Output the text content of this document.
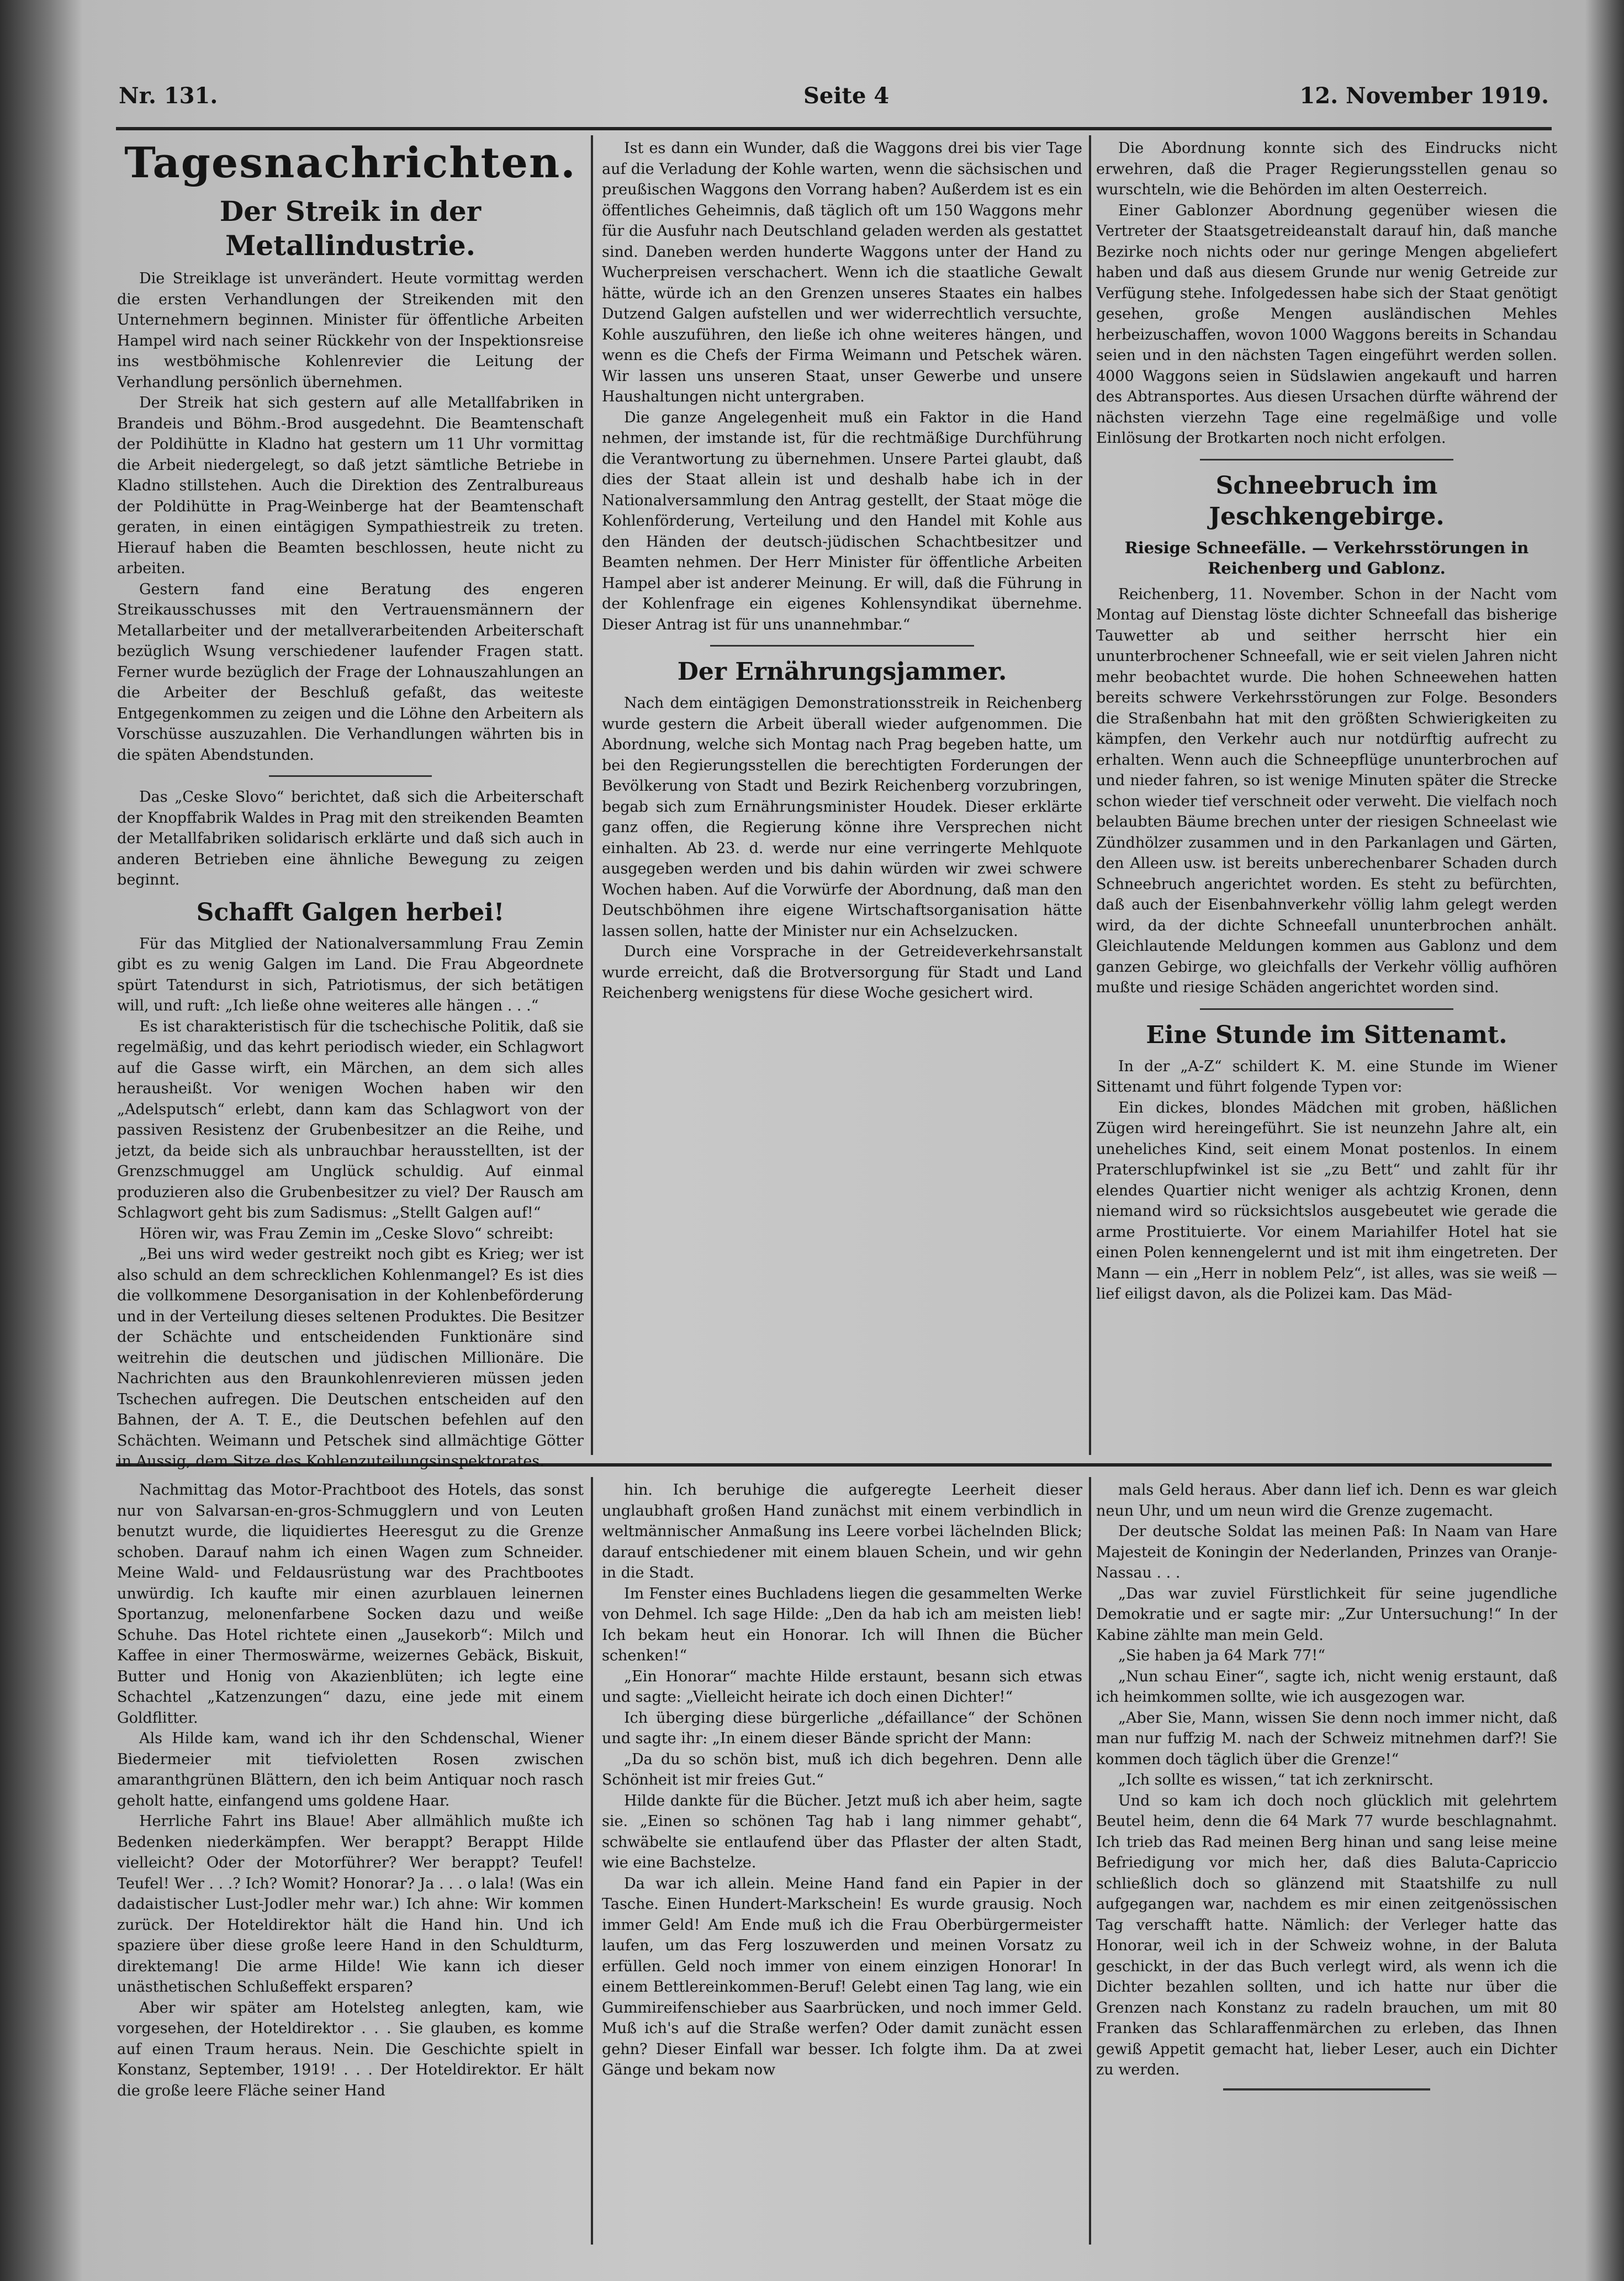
Nr. 131.	Seite 4	12. November 1919.
Tagesnachrichten.
Der Streik in der Metallindustrie.

Die Streiklage ist unverändert. Heute vormittag werden die ersten Verhandlungen der Streikenden mit den Unternehmern beginnen. Minister für öffentliche Arbeiten Hampel wird nach seiner Rückkehr von der Inspektionsreise ins westböhmische Kohlenrevier die Leitung der Verhandlung persönlich übernehmen.

Der Streik hat sich gestern auf alle Metallfabriken in Brandeis und Böhm.-Brod ausgedehnt. Die Beamtenschaft der Poldihütte in Kladno hat gestern um 11 Uhr vormittag die Arbeit niedergelegt, so daß jetzt sämtliche Betriebe in Kladno stillstehen. Auch die Direktion des Zentralbureaus der Poldihütte in Prag-Weinberge hat der Beamtenschaft geraten, in einen eintägigen Sympathiestreik zu treten. Hierauf haben die Beamten beschlossen, heute nicht zu arbeiten.

Gestern fand eine Beratung des engeren Streikausschusses mit den Vertrauensmännern der Metallarbeiter und der metallverarbeitenden Arbeiterschaft bezüglich Wsung verschiedener laufender Fragen statt. Ferner wurde bezüglich der Frage der Lohnauszahlungen an die Arbeiter der Beschluß gefaßt, das weiteste Entgegenkommen zu zeigen und die Löhne den Arbeitern als Vorschüsse auszuzahlen. Die Verhandlungen währten bis in die späten Abendstunden.

Das „Ceske Slovo“ berichtet, daß sich die Arbeiterschaft der Knopffabrik Waldes in Prag mit den streikenden Beamten der Metallfabriken solidarisch erklärte und daß sich auch in anderen Betrieben eine ähnliche Bewegung zu zeigen beginnt.

Schafft Galgen herbei!

Für das Mitglied der Nationalversammlung Frau Zemin gibt es zu wenig Galgen im Land. Die Frau Abgeordnete spürt Tatendurst in sich, Patriotismus, der sich betätigen will, und ruft: „Ich ließe ohne weiteres alle hängen . . .“

Es ist charakteristisch für die tschechische Politik, daß sie regelmäßig, und das kehrt periodisch wieder, ein Schlagwort auf die Gasse wirft, ein Märchen, an dem sich alles herausheißt. Vor wenigen Wochen haben wir den „Adelsputsch“ erlebt, dann kam das Schlagwort von der passiven Resistenz der Grubenbesitzer an die Reihe, und jetzt, da beide sich als unbrauchbar herausstellten, ist der Grenzschmuggel am Unglück schuldig. Auf einmal produzieren also die Grubenbesitzer zu viel? Der Rausch am Schlagwort geht bis zum Sadismus: „Stellt Galgen auf!“

Hören wir, was Frau Zemin im „Ceske Slovo“ schreibt:

„Bei uns wird weder gestreikt noch gibt es Krieg; wer ist also schuld an dem schrecklichen Kohlenmangel? Es ist dies die vollkommene Desorganisation in der Kohlenbeförderung und in der Verteilung dieses seltenen Produktes. Die Besitzer der Schächte und entscheidenden Funktionäre sind weitrehin die deutschen und jüdischen Millionäre. Die Nachrichten aus den Braunkohlenrevieren müssen jeden Tschechen aufregen. Die Deutschen entscheiden auf den Bahnen, der A. T. E., die Deutschen befehlen auf den Schächten. Weimann und Petschek sind allmächtige Götter in Aussig, dem Sitze des Kohlenzuteilungsinspektorates.

Ist es dann ein Wunder, daß die Waggons drei bis vier Tage auf die Verladung der Kohle warten, wenn die sächsischen und preußischen Waggons den Vorrang haben? Außerdem ist es ein öffentliches Geheimnis, daß täglich oft um 150 Waggons mehr für die Ausfuhr nach Deutschland geladen werden als gestattet sind. Daneben werden hunderte Waggons unter der Hand zu Wucherpreisen verschachert. Wenn ich die staatliche Gewalt hätte, würde ich an den Grenzen unseres Staates ein halbes Dutzend Galgen aufstellen und wer widerrechtlich versuchte, Kohle auszuführen, den ließe ich ohne weiteres hängen, und wenn es die Chefs der Firma Weimann und Petschek wären. Wir lassen uns unseren Staat, unser Gewerbe und unsere Haushaltungen nicht untergraben.

Die ganze Angelegenheit muß ein Faktor in die Hand nehmen, der imstande ist, für die rechtmäßige Durchführung die Verantwortung zu übernehmen. Unsere Partei glaubt, daß dies der Staat allein ist und deshalb habe ich in der Nationalversammlung den Antrag gestellt, der Staat möge die Kohlenförderung, Verteilung und den Handel mit Kohle aus den Händen der deutsch-jüdischen Schachtbesitzer und Beamten nehmen. Der Herr Minister für öffentliche Arbeiten Hampel aber ist anderer Meinung. Er will, daß die Führung in der Kohlenfrage ein eigenes Kohlensyndikat übernehme. Dieser Antrag ist für uns unannehmbar.“

Der Ernährungsjammer.

Nach dem eintägigen Demonstrationsstreik in Reichenberg wurde gestern die Arbeit überall wieder aufgenommen. Die Abordnung, welche sich Montag nach Prag begeben hatte, um bei den Regierungsstellen die berechtigten Forderungen der Bevölkerung von Stadt und Bezirk Reichenberg vorzubringen, begab sich zum Ernährungsminister Houdek. Dieser erklärte ganz offen, die Regierung könne ihre Versprechen nicht einhalten. Ab 23. d. werde nur eine verringerte Mehlquote ausgegeben werden und bis dahin würden wir zwei schwere Wochen haben. Auf die Vorwürfe der Abordnung, daß man den Deutschböhmen ihre eigene Wirtschaftsorganisation hätte lassen sollen, hatte der Minister nur ein Achselzucken.

Durch eine Vorsprache in der Getreideverkehrsanstalt wurde erreicht, daß die Brotversorgung für Stadt und Land Reichenberg wenigstens für diese Woche gesichert wird.

Die Abordnung konnte sich des Eindrucks nicht erwehren, daß die Prager Regierungsstellen genau so wurschteln, wie die Behörden im alten Oesterreich.

Einer Gablonzer Abordnung gegenüber wiesen die Vertreter der Staatsgetreideanstalt darauf hin, daß manche Bezirke noch nichts oder nur geringe Mengen abgeliefert haben und daß aus diesem Grunde nur wenig Getreide zur Verfügung stehe. Infolgedessen habe sich der Staat genötigt gesehen, große Mengen ausländischen Mehles herbeizuschaffen, wovon 1000 Waggons bereits in Schandau seien und in den nächsten Tagen eingeführt werden sollen. 4000 Waggons seien in Südslawien angekauft und harren des Abtransportes. Aus diesen Ursachen dürfte während der nächsten vierzehn Tage eine regelmäßige und volle Einlösung der Brotkarten noch nicht erfolgen.

Schneebruch im Jeschkengebirge.
Riesige Schneefälle. — Verkehrsstörungen in Reichenberg und Gablonz.

Reichenberg, 11. November. Schon in der Nacht vom Montag auf Dienstag löste dichter Schneefall das bisherige Tauwetter ab und seither herrscht hier ein ununterbrochener Schneefall, wie er seit vielen Jahren nicht mehr beobachtet wurde. Die hohen Schneewehen hatten bereits schwere Verkehrsstörungen zur Folge. Besonders die Straßenbahn hat mit den größten Schwierigkeiten zu kämpfen, den Verkehr auch nur notdürftig aufrecht zu erhalten. Wenn auch die Schneepflüge ununterbrochen auf und nieder fahren, so ist wenige Minuten später die Strecke schon wieder tief verschneit oder verweht. Die vielfach noch belaubten Bäume brechen unter der riesigen Schneelast wie Zündhölzer zusammen und in den Parkanlagen und Gärten, den Alleen usw. ist bereits unberechenbarer Schaden durch Schneebruch angerichtet worden. Es steht zu befürchten, daß auch der Eisenbahnverkehr völlig lahm gelegt werden wird, da der dichte Schneefall ununterbrochen anhält. Gleichlautende Meldungen kommen aus Gablonz und dem ganzen Gebirge, wo gleichfalls der Verkehr völlig aufhören mußte und riesige Schäden angerichtet worden sind.

Eine Stunde im Sittenamt.

In der „A-Z“ schildert K. M. eine Stunde im Wiener Sittenamt und führt folgende Typen vor:

Ein dickes, blondes Mädchen mit groben, häßlichen Zügen wird hereingeführt. Sie ist neunzehn Jahre alt, ein uneheliches Kind, seit einem Monat postenlos. In einem Praterschlupfwinkel ist sie „zu Bett“ und zahlt für ihr elendes Quartier nicht weniger als achtzig Kronen, denn niemand wird so rücksichtslos ausgebeutet wie gerade die arme Prostituierte. Vor einem Mariahilfer Hotel hat sie einen Polen kennengelernt und ist mit ihm eingetreten. Der Mann — ein „Herr in noblem Pelz“, ist alles, was sie weiß — lief eiligst davon, als die Polizei kam. Das Mäd-

Nachmittag das Motor-Prachtboot des Hotels, das sonst nur von Salvarsan-en-gros-Schmugglern und von Leuten benutzt wurde, die liquidiertes Heeresgut zu die Grenze schoben. Darauf nahm ich einen Wagen zum Schneider. Meine Wald- und Feldausrüstung war des Prachtbootes unwürdig. Ich kaufte mir einen azurblauen leinernen Sportanzug, melonenfarbene Socken dazu und weiße Schuhe. Das Hotel richtete einen „Jausekorb“: Milch und Kaffee in einer Thermoswärme, weizernes Gebäck, Biskuit, Butter und Honig von Akazienblüten; ich legte eine Schachtel „Katzenzungen“ dazu, eine jede mit einem Goldflitter.

Als Hilde kam, wand ich ihr den Schdenschal, Wiener Biedermeier mit tiefvioletten Rosen zwischen amaranthgrünen Blättern, den ich beim Antiquar noch rasch geholt hatte, einfangend ums goldene Haar.

Herrliche Fahrt ins Blaue! Aber allmählich mußte ich Bedenken niederkämpfen. Wer berappt? Berappt Hilde vielleicht? Oder der Motorführer? Wer berappt? Teufel! Teufel! Wer . . .? Ich? Womit? Honorar? Ja . . . o lala! (Was ein dadaistischer Lust-Jodler mehr war.) Ich ahne: Wir kommen zurück. Der Hoteldirektor hält die Hand hin. Und ich spaziere über diese große leere Hand in den Schuldturm, direktemang! Die arme Hilde! Wie kann ich dieser unästhetischen Schlußeffekt ersparen?

Aber wir später am Hotelsteg anlegten, kam, wie vorgesehen, der Hoteldirektor . . . Sie glauben, es komme auf einen Traum heraus. Nein. Die Geschichte spielt in Konstanz, September, 1919! . . . Der Hoteldirektor. Er hält die große leere Fläche seiner Hand

hin. Ich beruhige die aufgeregte Leerheit dieser unglaubhaft großen Hand zunächst mit einem verbindlich in weltmännischer Anmaßung ins Leere vorbei lächelnden Blick; darauf entschiedener mit einem blauen Schein, und wir gehn in die Stadt.

Im Fenster eines Buchladens liegen die gesammelten Werke von Dehmel. Ich sage Hilde: „Den da hab ich am meisten lieb! Ich bekam heut ein Honorar. Ich will Ihnen die Bücher schenken!“

„Ein Honorar“ machte Hilde erstaunt, besann sich etwas und sagte: „Vielleicht heirate ich doch einen Dichter!“

Ich überging diese bürgerliche „défaillance“ der Schönen und sagte ihr: „In einem dieser Bände spricht der Mann:

„Da du so schön bist, muß ich dich begehren. Denn alle Schönheit ist mir freies Gut.“

Hilde dankte für die Bücher. Jetzt muß ich aber heim, sagte sie. „Einen so schönen Tag hab i lang nimmer gehabt“, schwäbelte sie entlaufend über das Pflaster der alten Stadt, wie eine Bachstelze.

Da war ich allein. Meine Hand fand ein Papier in der Tasche. Einen Hundert-Markschein! Es wurde grausig. Noch immer Geld! Am Ende muß ich die Frau Oberbürgermeister laufen, um das Ferg loszuwerden und meinen Vorsatz zu erfüllen. Geld noch immer von einem einzigen Honorar! In einem Bettlereinkommen-Beruf! Gelebt einen Tag lang, wie ein Gummireifenschieber aus Saarbrücken, und noch immer Geld. Muß ich's auf die Straße werfen? Oder damit zunächt essen gehn? Dieser Einfall war besser. Ich folgte ihm. Da at zwei Gänge und bekam now

mals Geld heraus. Aber dann lief ich. Denn es war gleich neun Uhr, und um neun wird die Grenze zugemacht.

Der deutsche Soldat las meinen Paß: In Naam van Hare Majesteit de Koningin der Nederlanden, Prinzes van Oranje-Nassau . . .

„Das war zuviel Fürstlichkeit für seine jugendliche Demokratie und er sagte mir: „Zur Untersuchung!“ In der Kabine zählte man mein Geld.

„Sie haben ja 64 Mark 77!“

„Nun schau Einer“, sagte ich, nicht wenig erstaunt, daß ich heimkommen sollte, wie ich ausgezogen war.

„Aber Sie, Mann, wissen Sie denn noch immer nicht, daß man nur fuffzig M. nach der Schweiz mitnehmen darf?! Sie kommen doch täglich über die Grenze!“

„Ich sollte es wissen,“ tat ich zerknirscht.

Und so kam ich doch noch glücklich mit gelehrtem Beutel heim, denn die 64 Mark 77 wurde beschlagnahmt. Ich trieb das Rad meinen Berg hinan und sang leise meine Befriedigung vor mich her, daß dies Baluta-Capriccio schließlich doch so glänzend mit Staatshilfe zu null aufgegangen war, nachdem es mir einen zeitgenössischen Tag verschafft hatte. Nämlich: der Verleger hatte das Honorar, weil ich in der Schweiz wohne, in der Baluta geschickt, in der das Buch verlegt wird, als wenn ich die Dichter bezahlen sollten, und ich hatte nur über die Grenzen nach Konstanz zu radeln brauchen, um mit 80 Franken das Schlaraffenmärchen zu erleben, das Ihnen gewiß Appetit gemacht hat, lieber Leser, auch ein Dichter zu werden.
